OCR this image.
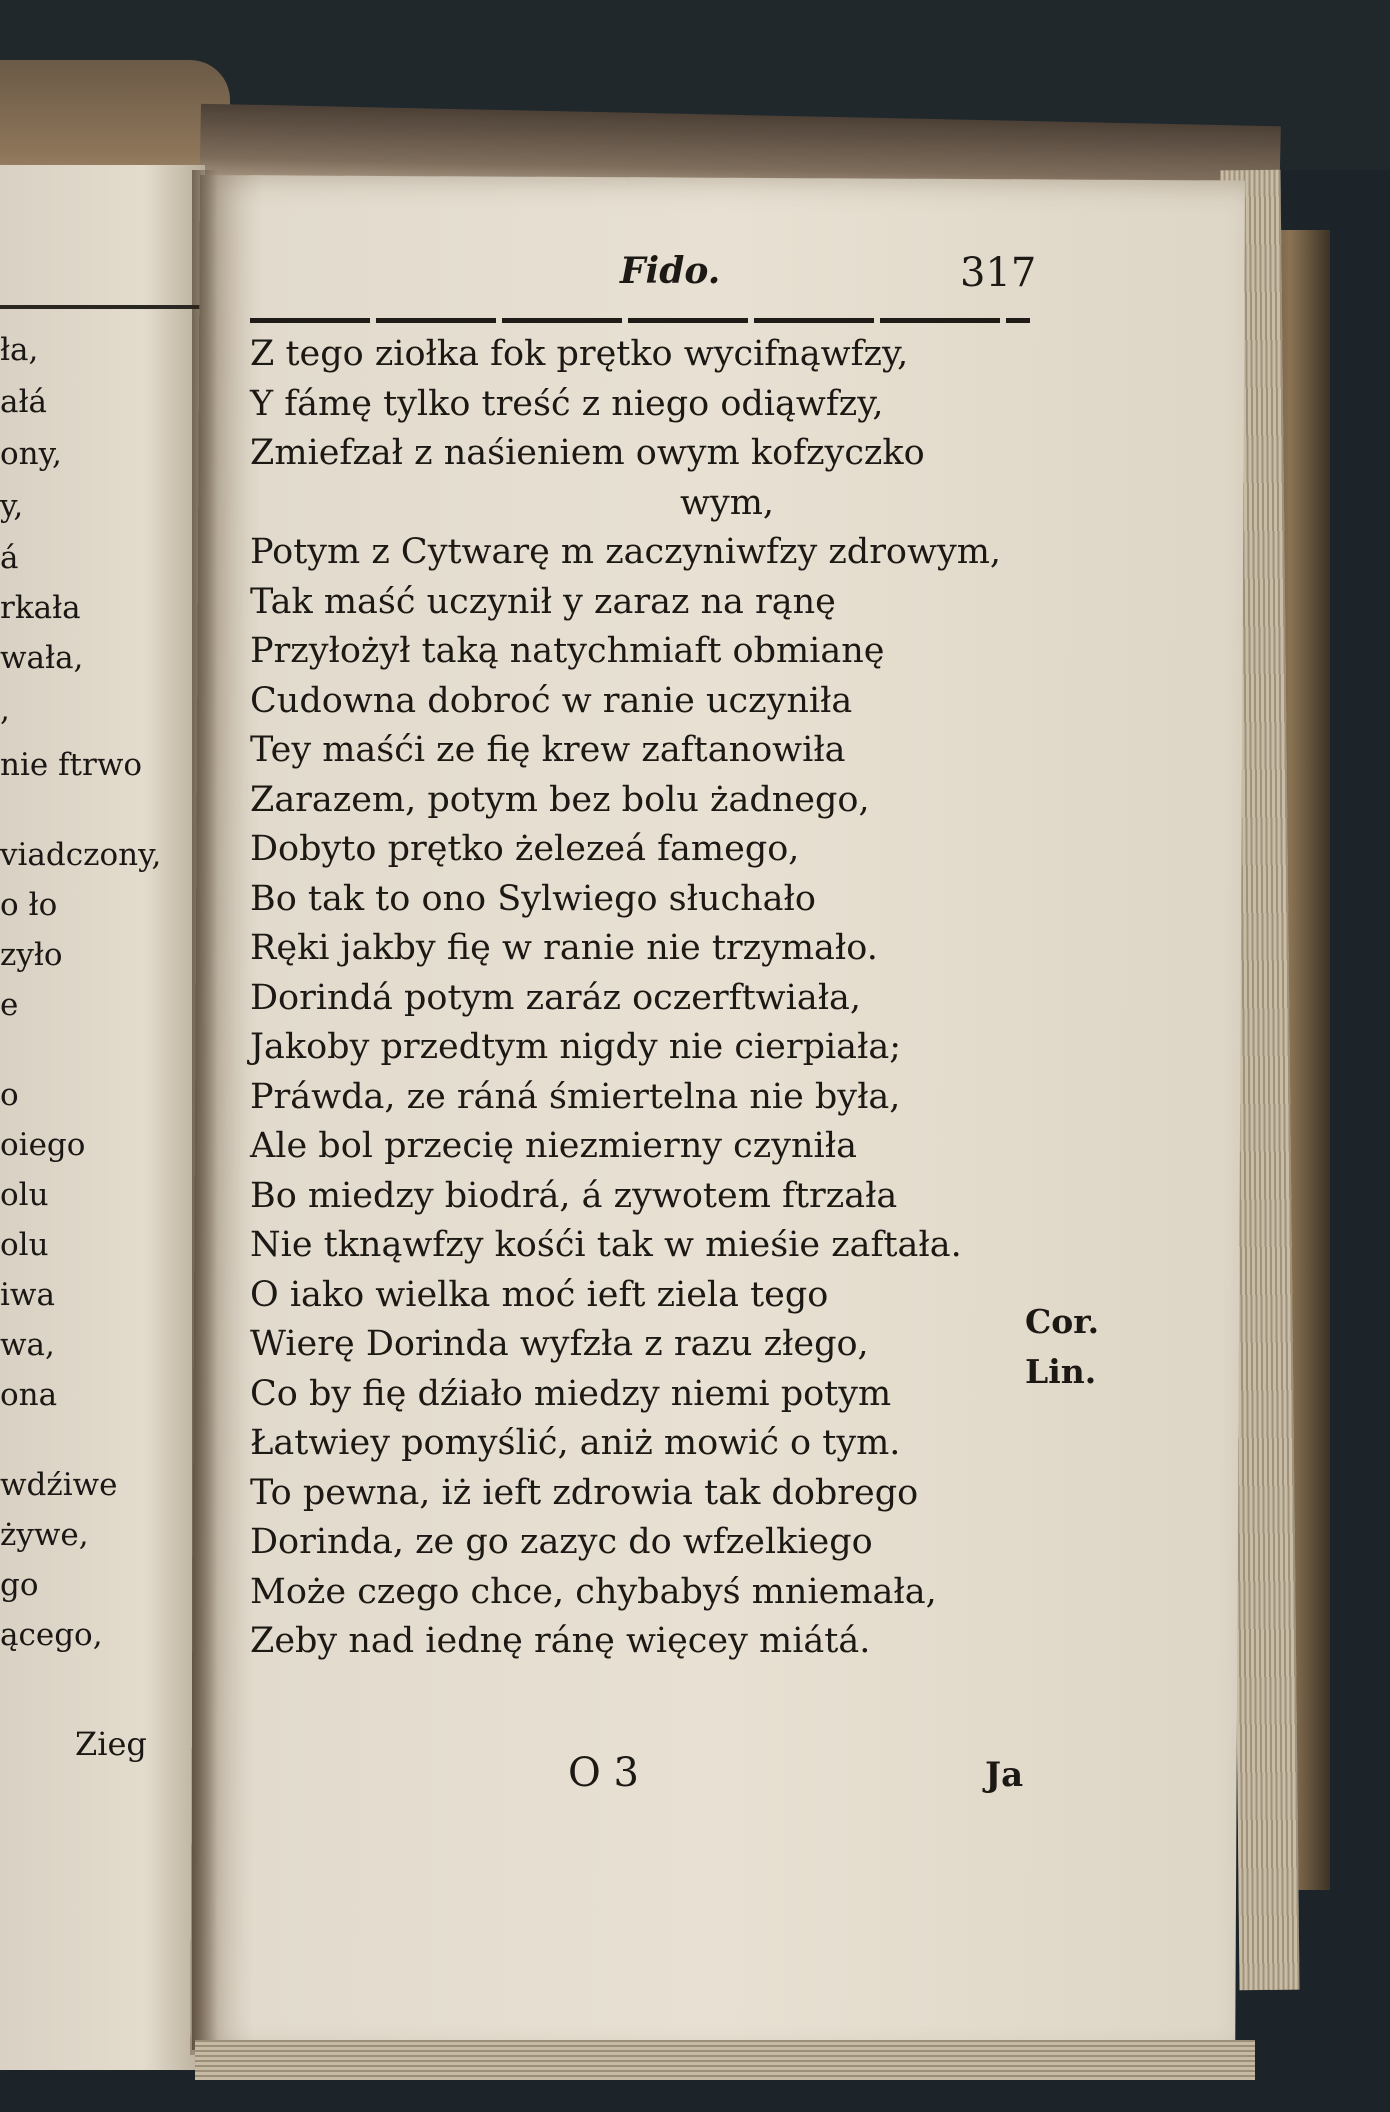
ła,
ałá
ony,
y,
á
rkała
wała,
,
nie ftrwo
viadczony,
o ło
zyło
e
o
oiego
olu
olu
iwa
wa,
ona
wdźiwe
żywe,
go
ącego,
Zieg
Fido.	317
Z tego ziołka fok prętko wycifnąwfzy,
Y fámę tylko treść z niego odiąwfzy,
Zmiefzał z naśieniem owym kofzyczko
wym,
Potym z Cytwarę m zaczyniwfzy zdrowym,
Tak maść uczynił y zaraz na rąnę
Przyłożył taką natychmiaft obmianę
Cudowna dobroć w ranie uczyniła
Tey maśći ze fię krew zaftanowiła
Zarazem, potym bez bolu żadnego,
Dobyto prętko żelezeá famego,
Bo tak to ono Sylwiego słuchało
Ręki jakby fię w ranie nie trzymało.
Dorindá potym zaráz oczerftwiała,
Jakoby przedtym nigdy nie cierpiała;
Práwda, ze ráná śmiertelna nie była,
Ale bol przecię niezmierny czyniła
Bo miedzy biodrá, á zywotem ftrzała
Nie tknąwfzy kośći tak w mieśie zaftała.
O iako wielka moć ieft ziela tego
Wierę Dorinda wyfzła z razu złego,
Co by fię dźiało miedzy niemi potym
Łatwiey pomyślić, aniż mowić o tym.
To pewna, iż ieft zdrowia tak dobrego
Dorinda, ze go zazyc do wfzelkiego
Może czego chce, chybabyś mniemała,
Zeby nad iednę ránę więcey miátá.
Cor.
Lin.
O 3	Ja
